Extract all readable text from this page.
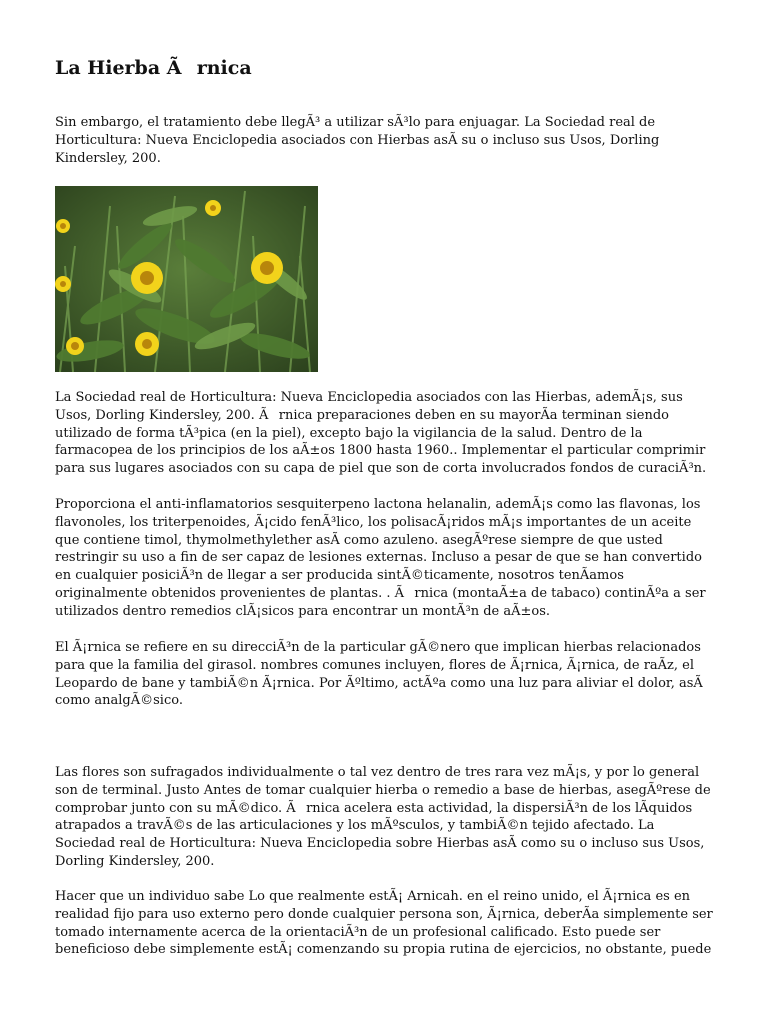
La Hierba Ãrnica

Sin embargo, el tratamiento debe llegÃ³ a utilizar sÃ³lo para enjuagar. La Sociedad real de Horticultura: Nueva Enciclopedia asociados con Hierbas asÃ su o incluso sus Usos, Dorling Kindersley, 200.

La Sociedad real de Horticultura: Nueva Enciclopedia asociados con las Hierbas, ademÃ¡s, sus Usos, Dorling Kindersley, 200. Ãrnica preparaciones deben en su mayorÃa terminan siendo utilizado de forma tÃ³pica (en la piel), excepto bajo la vigilancia de la salud. Dentro de la farmacopea de los principios de los aÃ±os 1800 hasta 1960.. Implementar el particular comprimir para sus lugares asociados con su capa de piel que son de corta involucrados fondos de curaciÃ³n.

Proporciona el anti-inflamatorios sesquiterpeno lactona helanalin, ademÃ¡s como las flavonas, los flavonoles, los triterpenoides, Ã¡cido fenÃ³lico, los polisacÃ¡ridos mÃ¡s importantes de un aceite que contiene timol, thymolmethylether asÃ como azuleno. asegÃºrese siempre de que usted restringir su uso a fin de ser capaz de lesiones externas. Incluso a pesar de que se han convertido en cualquier posiciÃ³n de llegar a ser producida sintÃ©ticamente, nosotros tenÃamos originalmente obtenidos provenientes de plantas. . Ãrnica (montaÃ±a de tabaco) continÃºa a ser utilizados dentro remedios clÃ¡sicos para encontrar un montÃ³n de aÃ±os.

El Ã¡rnica se refiere en su direcciÃ³n de la particular gÃ©nero que implican hierbas relacionados para que la familia del girasol. nombres comunes incluyen, flores de Ã¡rnica, Ã¡rnica, de raÃz, el Leopardo de bane y tambiÃ©n Ã¡rnica. Por Ãºltimo, actÃºa como una luz para aliviar el dolor, asÃ como analgÃ©sico.

Las flores son sufragados individualmente o tal vez dentro de tres rara vez mÃ¡s, y por lo general son de terminal. Justo Antes de tomar cualquier hierba o remedio a base de hierbas, asegÃºrese de comprobar junto con su mÃ©dico. Ãrnica acelera esta actividad, la dispersiÃ³n de los lÃquidos atrapados a travÃ©s de las articulaciones y los mÃºsculos, y tambiÃ©n tejido afectado. La Sociedad real de Horticultura: Nueva Enciclopedia sobre Hierbas asÃ como su o incluso sus Usos, Dorling Kindersley, 200.

Hacer que un individuo sabe Lo que realmente estÃ¡ Arnicah. en el reino unido, el Ã¡rnica es en realidad fijo para uso externo pero donde cualquier persona son, Ã¡rnica, deberÃa simplemente ser tomado internamente acerca de la orientaciÃ³n de un profesional calificado. Esto puede ser beneficioso debe simplemente estÃ¡ comenzando su propia rutina de ejercicios, no obstante, puede
